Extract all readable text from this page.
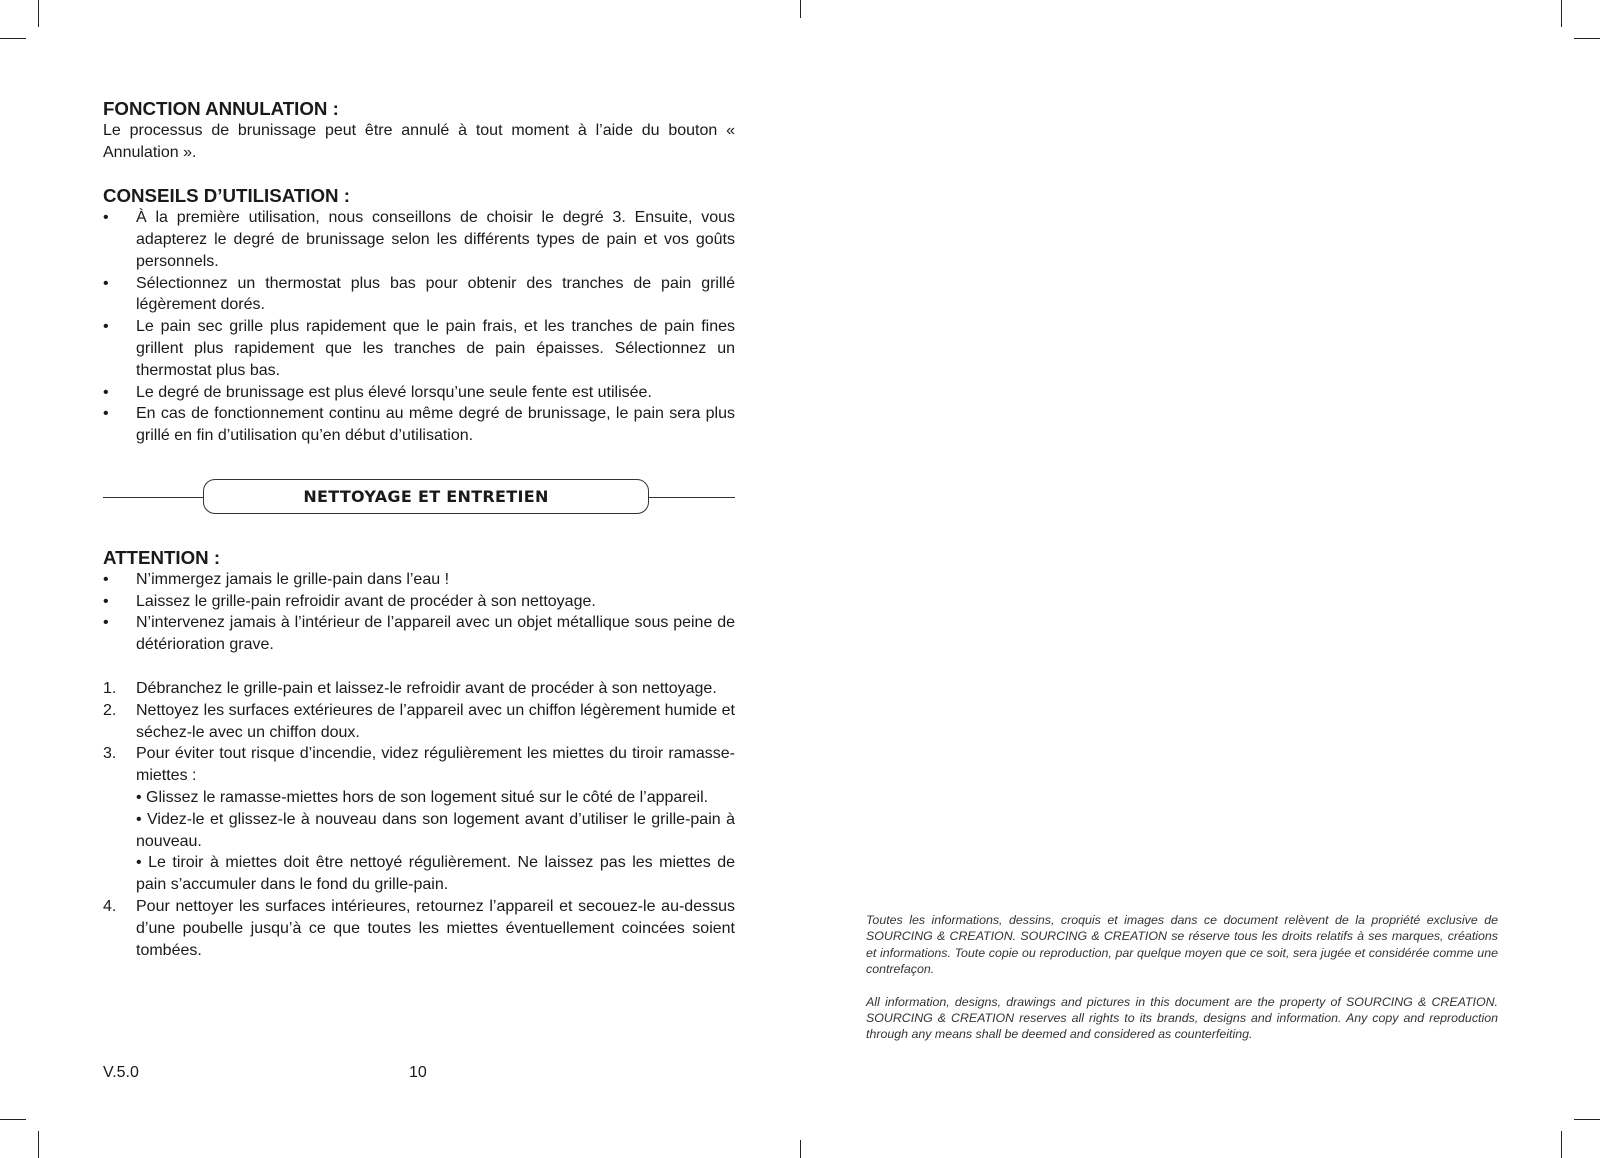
FONCTION ANNULATION :

Le processus de brunissage peut être annulé à tout moment à l’aide du bouton « Annulation ».

CONSEILS D’UTILISATION :
• À la première utilisation, nous conseillons de choisir le degré 3. Ensuite, vous adapterez le degré de brunissage selon les différents types de pain et vos goûts personnels.
• Sélectionnez un thermostat plus bas pour obtenir des tranches de pain grillé légèrement dorés.
• Le pain sec grille plus rapidement que le pain frais, et les tranches de pain fines grillent plus rapidement que les tranches de pain épaisses. Sélectionnez un thermostat plus bas.
• Le degré de brunissage est plus élevé lorsqu’une seule fente est utilisée.
• En cas de fonctionnement continu au même degré de brunissage, le pain sera plus grillé en fin d’utilisation qu’en début d’utilisation.
NETTOYAGE ET ENTRETIEN
ATTENTION :
• N’immergez jamais le grille-pain dans l’eau !
• Laissez le grille-pain refroidir avant de procéder à son nettoyage.
• N’intervenez jamais à l’intérieur de l’appareil avec un objet métallique sous peine de détérioration grave.
1. Débranchez le grille-pain et laissez-le refroidir avant de procéder à son nettoyage.
2. Nettoyez les surfaces extérieures de l’appareil avec un chiffon légèrement humide et séchez-le avec un chiffon doux.
3. Pour éviter tout risque d’incendie, videz régulièrement les miettes du tiroir ramasse-miettes :
• Glissez le ramasse-miettes hors de son logement situé sur le côté de l’appareil.
• Videz-le et glissez-le à nouveau dans son logement avant d’utiliser le grille-pain à nouveau.
• Le tiroir à miettes doit être nettoyé régulièrement. Ne laissez pas les miettes de pain s’accumuler dans le fond du grille-pain.
4. Pour nettoyer les surfaces intérieures, retournez l’appareil et secouez-le au-dessus d’une poubelle jusqu’à ce que toutes les miettes éventuellement coincées soient tombées.
V.5.0	10

Toutes les informations, dessins, croquis et images dans ce document relèvent de la propriété exclusive de SOURCING & CREATION. SOURCING & CREATION se réserve tous les droits relatifs à ses marques, créations et informations. Toute copie ou reproduction, par quelque moyen que ce soit, sera jugée et considérée comme une contrefaçon.

All information, designs, drawings and pictures in this document are the property of SOURCING & CREATION. SOURCING & CREATION reserves all rights to its brands, designs and information. Any copy and reproduction through any means shall be deemed and considered as counterfeiting.
